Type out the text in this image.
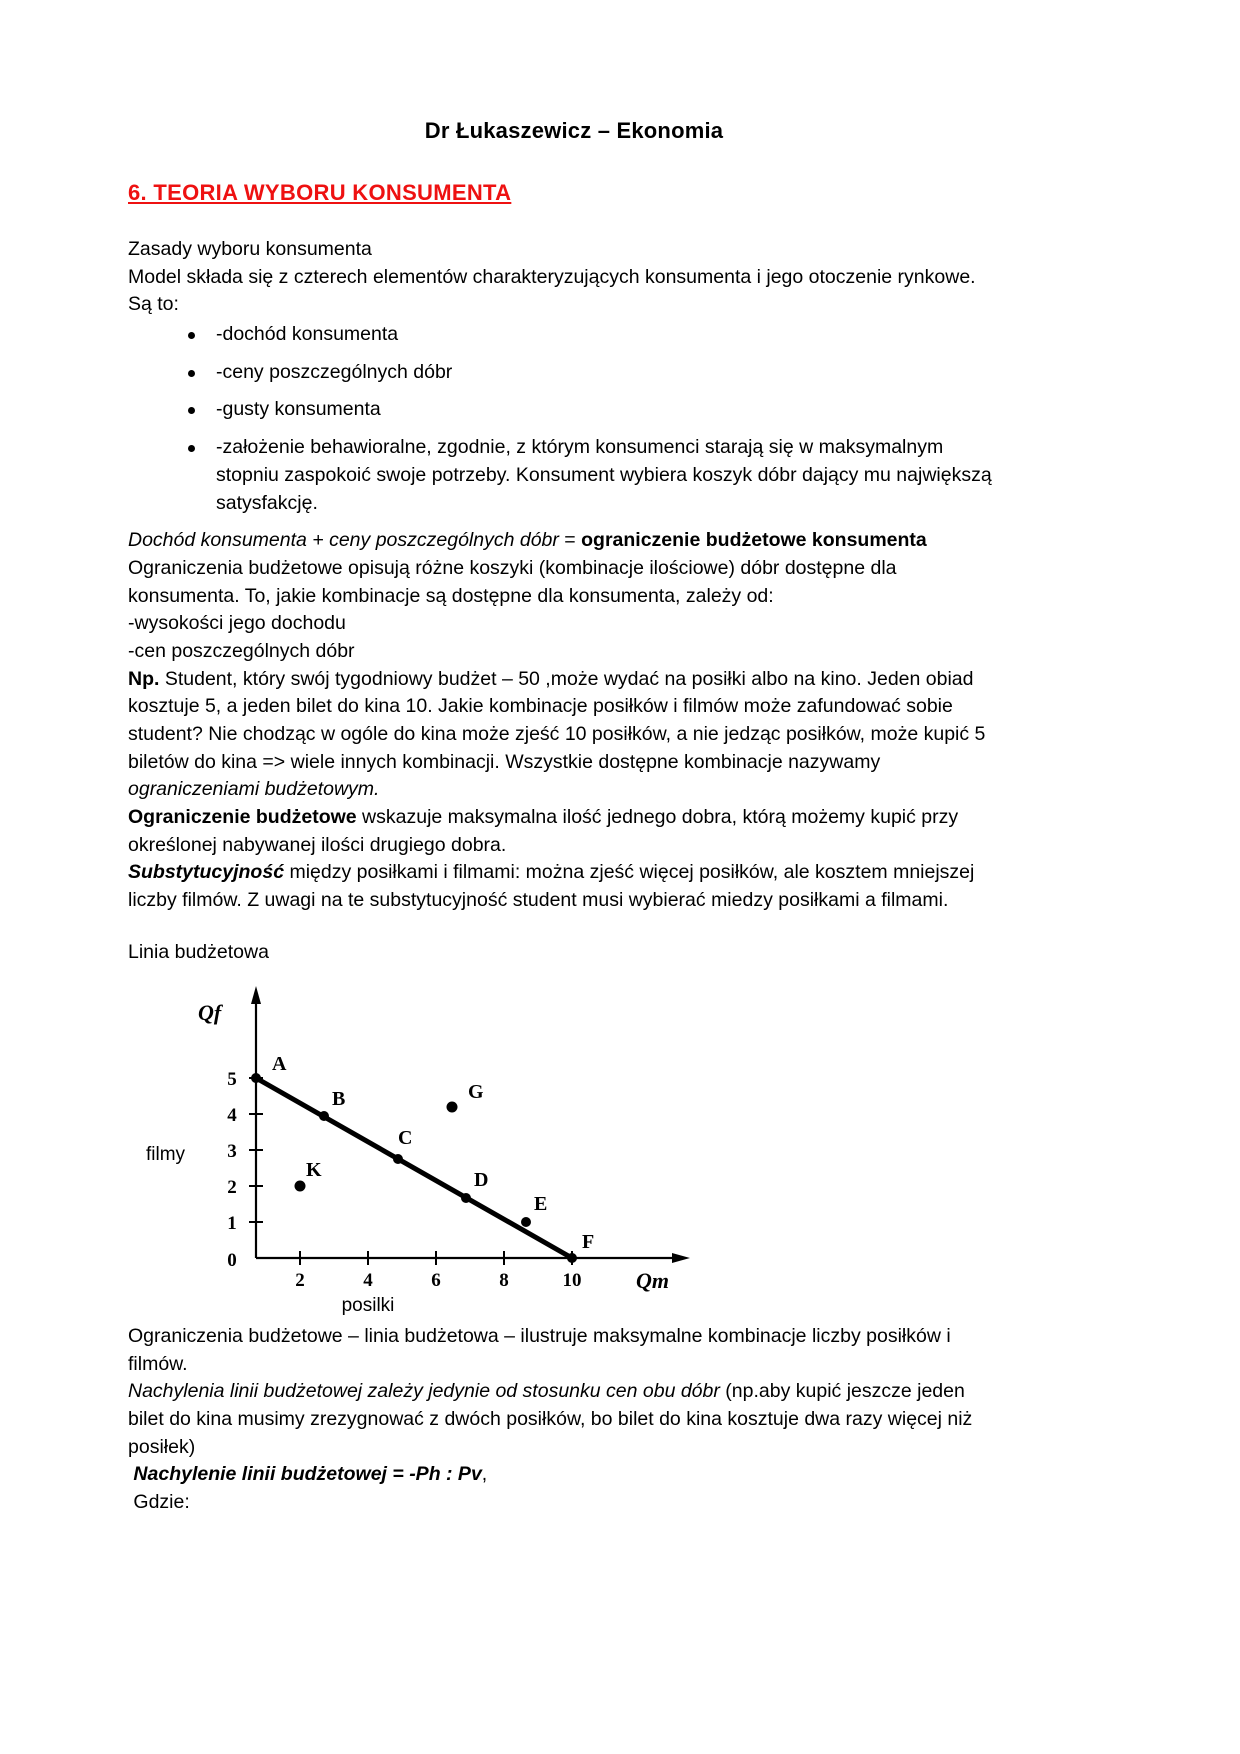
Dr Łukaszewicz – Ekonomia
6. TEORIA WYBORU KONSUMENTA

Zasady wyboru konsumenta

Model składa się z czterech elementów charakteryzujących konsumenta i jego otoczenie rynkowe. Są to:

-dochód konsumenta
-ceny poszczególnych dóbr
-gusty konsumenta
-założenie behawioralne, zgodnie, z którym konsumenci starają się w maksymalnym stopniu zaspokoić swoje potrzeby. Konsument wybiera koszyk dóbr dający mu największą satysfakcję.

Dochód konsumenta + ceny poszczególnych dóbr = ograniczenie budżetowe konsumenta

Ograniczenia budżetowe opisują różne koszyki (kombinacje ilościowe) dóbr dostępne dla konsumenta. To, jakie kombinacje są dostępne dla konsumenta, zależy od:

-wysokości jego dochodu

-cen poszczególnych dóbr

Np. Student, który swój tygodniowy budżet – 50 ,może wydać na posiłki albo na kino. Jeden obiad kosztuje 5, a jeden bilet do kina 10. Jakie kombinacje posiłków i filmów może zafundować sobie student? Nie chodząc w ogóle do kina może zjeść 10 posiłków, a nie jedząc posiłków, może kupić 5 biletów do kina => wiele innych kombinacji. Wszystkie dostępne kombinacje nazywamy ograniczeniami budżetowym.

Ograniczenie budżetowe wskazuje maksymalna ilość jednego dobra, którą możemy kupić przy określonej nabywanej ilości drugiego dobra.

Substytucyjność między posiłkami i filmami: można zjeść więcej posiłków, ale kosztem mniejszej liczby filmów. Z uwagi na te substytucyjność student musi wybierać miedzy posiłkami a filmami.

Linia budżetowa

A
B
C
D
E
F
G
K
5
4
3
2
1
0
2	4	6	8	10
Qf
Qm
filmy
posilki

Ograniczenia budżetowe – linia budżetowa – ilustruje maksymalne kombinacje liczby posiłków i filmów.

Nachylenia linii budżetowej zależy jedynie od stosunku cen obu dóbr (np.aby kupić jeszcze jeden bilet do kina musimy zrezygnować z dwóch posiłków, bo bilet do kina kosztuje dwa razy więcej niż posiłek)

Nachylenie linii budżetowej = -Ph : Pv,

Gdzie:
